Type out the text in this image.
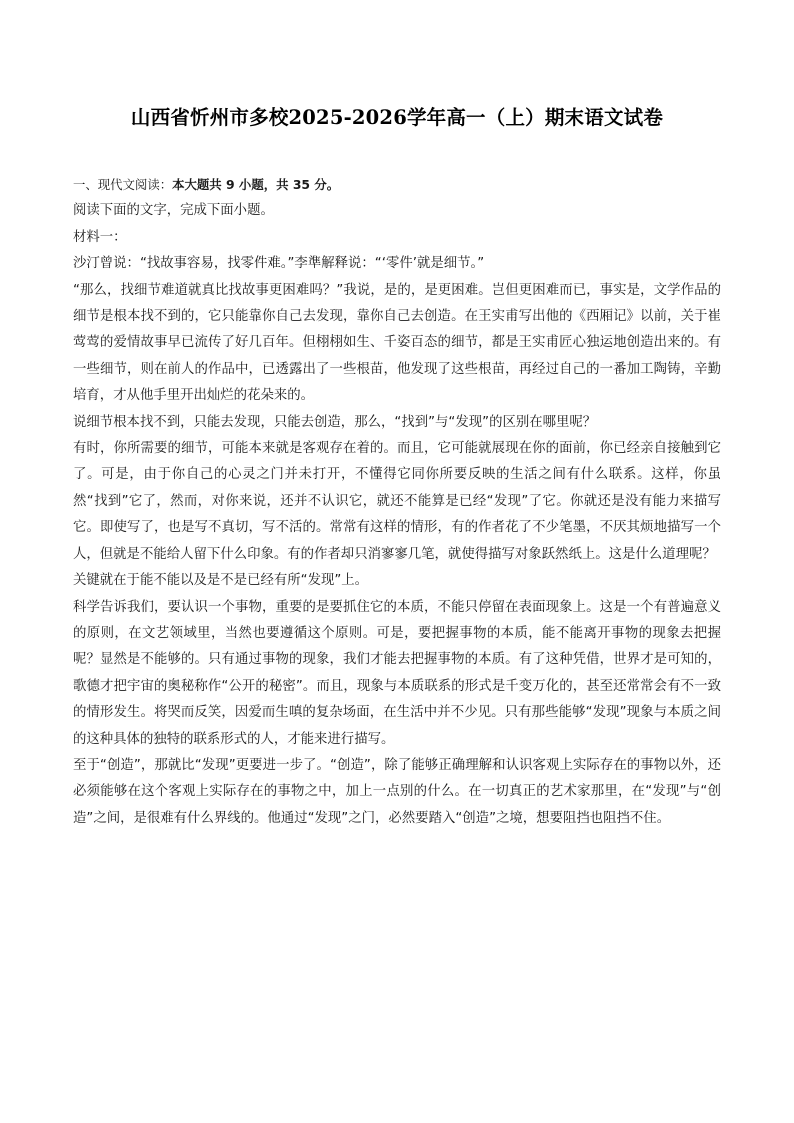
山西省忻州市多校2025-2026学年高一（上）期末语文试卷

一、现代文阅读：本大题共 9 小题，共 35 分。

阅读下面的文字，完成下面小题。

材料一：

沙汀曾说：“找故事容易，找零件难。”李準解释说：“‘零件’就是细节。”

“那么，找细节难道就真比找故事更困难吗？”我说，是的，是更困难。岂但更困难而已，事实是，文学作品的细节是根本找不到的，它只能靠你自己去发现，靠你自己去创造。在王实甫写出他的《西厢记》以前，关于崔莺莺的爱情故事早已流传了好几百年。但栩栩如生、千姿百态的细节，都是王实甫匠心独运地创造出来的。有一些细节，则在前人的作品中，已透露出了一些根苗，他发现了这些根苗，再经过自己的一番加工陶铸，辛勤培育，才从他手里开出灿烂的花朵来的。

说细节根本找不到，只能去发现，只能去创造，那么，“找到”与“发现”的区别在哪里呢？

有时，你所需要的细节，可能本来就是客观存在着的。而且，它可能就展现在你的面前，你已经亲自接触到它了。可是，由于你自己的心灵之门并未打开，不懂得它同你所要反映的生活之间有什么联系。这样，你虽然“找到”它了，然而，对你来说，还并不认识它，就还不能算是已经“发现”了它。你就还是没有能力来描写它。即使写了，也是写不真切，写不活的。常常有这样的情形，有的作者花了不少笔墨，不厌其烦地描写一个人，但就是不能给人留下什么印象。有的作者却只消寥寥几笔，就使得描写对象跃然纸上。这是什么道理呢？

关键就在于能不能以及是不是已经有所“发现”上。

科学告诉我们，要认识一个事物，重要的是要抓住它的本质，不能只停留在表面现象上。这是一个有普遍意义的原则，在文艺领域里，当然也要遵循这个原则。可是，要把握事物的本质，能不能离开事物的现象去把握呢？显然是不能够的。只有通过事物的现象，我们才能去把握事物的本质。有了这种凭借，世界才是可知的，歌德才把宇宙的奥秘称作“公开的秘密”。而且，现象与本质联系的形式是千变万化的，甚至还常常会有不一致的情形发生。将哭而反笑，因爱而生嗔的复杂场面，在生活中并不少见。只有那些能够“发现”现象与本质之间的这种具体的独特的联系形式的人，才能来进行描写。

至于“创造”，那就比“发现”更要进一步了。“创造”，除了能够正确理解和认识客观上实际存在的事物以外，还必须能够在这个客观上实际存在的事物之中，加上一点别的什么。在一切真正的艺术家那里，在“发现”与“创造”之间，是很难有什么界线的。他通过“发现”之门，必然要踏入“创造”之境，想要阻挡也阻挡不住。
